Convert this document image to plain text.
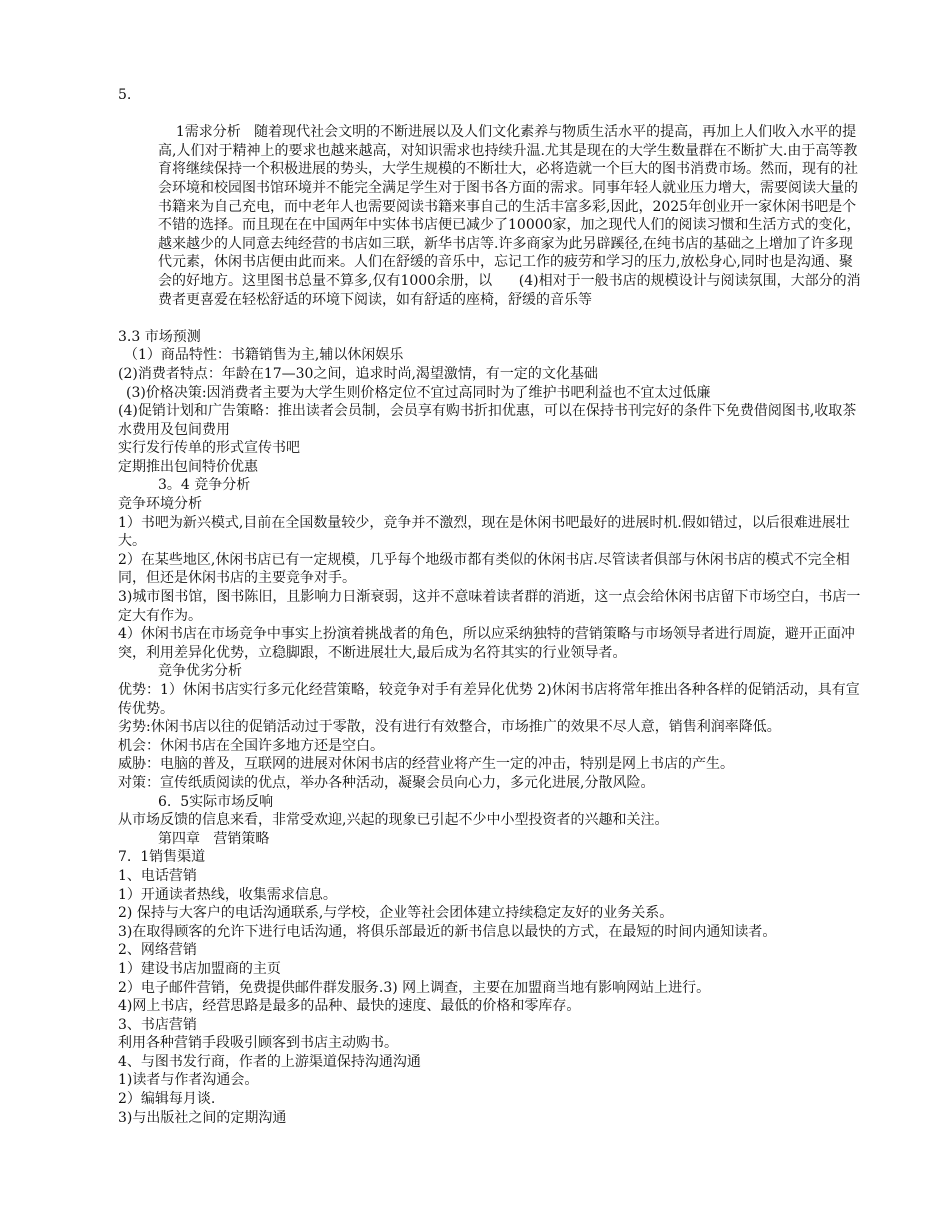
5.

1需求分析   随着现代社会文明的不断进展以及人们文化素养与物质生活水平的提高，再加上人们收入水平的提高,人们对于精神上的要求也越来越高，对知识需求也持续升温.尤其是现在的大学生数量群在不断扩大.由于高等教育将继续保持一个积极进展的势头，大学生规模的不断壮大，必将造就一个巨大的图书消费市场。然而，现有的社会环境和校园图书馆环境并不能完全满足学生对于图书各方面的需求。同事年轻人就业压力增大，需要阅读大量的书籍来为自己充电，而中老年人也需要阅读书籍来事自己的生活丰富多彩,因此，2025年创业开一家休闲书吧是个不错的选择。而且现在在中国两年中实体书店便已减少了10000家，加之现代人们的阅读习惯和生活方式的变化，越来越少的人同意去纯经营的书店如三联，新华书店等.许多商家为此另辟蹊径,在纯书店的基础之上增加了许多现代元素，休闲书店便由此而来。人们在舒缓的音乐中，忘记工作的疲劳和学习的压力,放松身心,同时也是沟通、聚会的好地方。这里图书总量不算多,仅有1000余册，以      (4)相对于一般书店的规模设计与阅读氛围，大部分的消费者更喜爱在轻松舒适的环境下阅读，如有舒适的座椅，舒缓的音乐等

3.3 市场预测
（1）商品特性：书籍销售为主,辅以休闲娱乐
(2)消费者特点：年龄在17—30之间，追求时尚,渴望激情，有一定的文化基础
(3)价格决策:因消费者主要为大学生则价格定位不宜过高同时为了维护书吧利益也不宜太过低廉
(4)促销计划和广告策略：推出读者会员制，会员享有购书折扣优惠，可以在保持书刊完好的条件下免费借阅图书,收取茶水费用及包间费用
实行发行传单的形式宣传书吧
定期推出包间特价优惠
3。4 竞争分析
竞争环境分析
1）书吧为新兴模式,目前在全国数量较少，竞争并不激烈，现在是休闲书吧最好的进展时机.假如错过，以后很难进展壮大。
2）在某些地区,休闲书店已有一定规模，几乎每个地级市都有类似的休闲书店.尽管读者俱部与休闲书店的模式不完全相同，但还是休闲书店的主要竞争对手。
3)城市图书馆，图书陈旧，且影响力日渐衰弱，这并不意味着读者群的消逝，这一点会给休闲书店留下市场空白，书店一定大有作为。
4）休闲书店在市场竞争中事实上扮演着挑战者的角色，所以应采纳独特的营销策略与市场领导者进行周旋，避开正面冲突，利用差异化优势，立稳脚跟，不断进展壮大,最后成为名符其实的行业领导者。
竞争优劣分析
优势：1）休闲书店实行多元化经营策略，较竞争对手有差异化优势 2)休闲书店将常年推出各种各样的促销活动，具有宣传优势。
劣势:休闲书店以往的促销活动过于零散，没有进行有效整合，市场推广的效果不尽人意，销售利润率降低。
机会：休闲书店在全国许多地方还是空白。
威胁：电脑的普及，互联网的进展对休闲书店的经营业将产生一定的冲击，特别是网上书店的产生。
对策：宣传纸质阅读的优点，举办各种活动，凝聚会员向心力，多元化进展,分散风险。
6.  5实际市场反响
从市场反馈的信息来看，非常受欢迎,兴起的现象已引起不少中小型投资者的兴趣和关注。
第四章   营销策略
7.  1销售渠道
1、电话营销
1）开通读者热线，收集需求信息。
2) 保持与大客户的电话沟通联系,与学校，企业等社会团体建立持续稳定友好的业务关系。
3)在取得顾客的允许下进行电话沟通，将俱乐部最近的新书信息以最快的方式，在最短的时间内通知读者。
2、网络营销
1）建设书店加盟商的主页
2）电子邮件营销，免费提供邮件群发服务.3) 网上调查，主要在加盟商当地有影响网站上进行。
4)网上书店，经营思路是最多的品种、最快的速度、最低的价格和零库存。
3、书店营销
利用各种营销手段吸引顾客到书店主动购书。
4、与图书发行商，作者的上游渠道保持沟通沟通
1)读者与作者沟通会。
2）编辑每月谈.
3)与出版社之间的定期沟通
